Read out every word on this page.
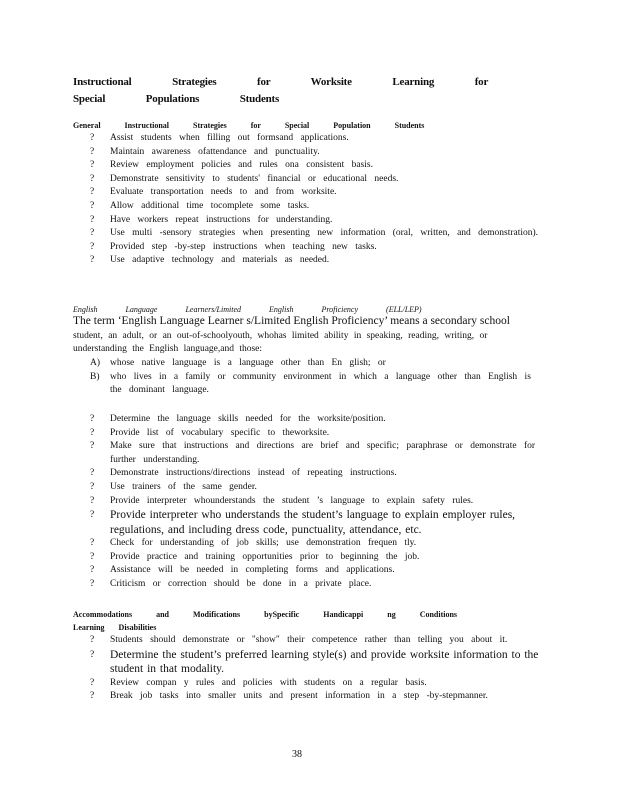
Instructional Strategies for Worksite Learning for Special Populations Students
General Instructional Strategies for Special Population Students
? Assist students when filling out formsand applications.
? Maintain awareness ofattendance and punctuality.
? Review employment policies and rules ona consistent basis.
? Demonstrate sensitivity to students' financial or educational needs.
? Evaluate transportation needs to and from worksite.
? Allow additional time tocomplete some tasks.
? Have workers repeat instructions for understanding.
? Use multi -sensory strategies when presenting new information (oral, written, and demonstration).
? Provided step -by-step instructions when teaching new tasks.
? Use adaptive technology and materials as needed.
English Language Learners/Limited English Proficiency (ELL/LEP)
The term ‘English Language Learner s/Limited English Proficiency’ means a secondary school student, an adult, or an out-of-schoolyouth, whohas limited ability in speaking, reading, writing, or understanding the English language,and those:
A) whose native language is a language other than En glish; or
B) who lives in a family or community environment in which a language other than English is the dominant language.
? Determine the language skills needed for the worksite/position.
? Provide list of vocabulary specific to theworksite.
? Make sure that instructions and directions are brief and specific; paraphrase or demonstrate for further understanding.
? Demonstrate instructions/directions instead of repeating instructions.
? Use trainers of the same gender.
? Provide interpreter whounderstands the student ’s language to explain safety rules.
? Provide interpreter who understands the student’s language to explain employer rules, regulations, and including dress code, punctuality, attendance, etc.
? Check for understanding of job skills; use demonstration frequen tly.
? Provide practice and training opportunities prior to beginning the job.
? Assistance will be needed in completing forms and applications.
? Criticism or correction should be done in a private place.
Accommodations and Modifications bySpecific Handicappi ng Conditions
Learning Disabilities
? Students should demonstrate or "show" their competence rather than telling you about it.
? Determine the student’s preferred learning style(s) and provide worksite information to the student in that modality.
? Review compan y rules and policies with students on a regular basis.
? Break job tasks into smaller units and present information in a step -by-stepmanner.
38
